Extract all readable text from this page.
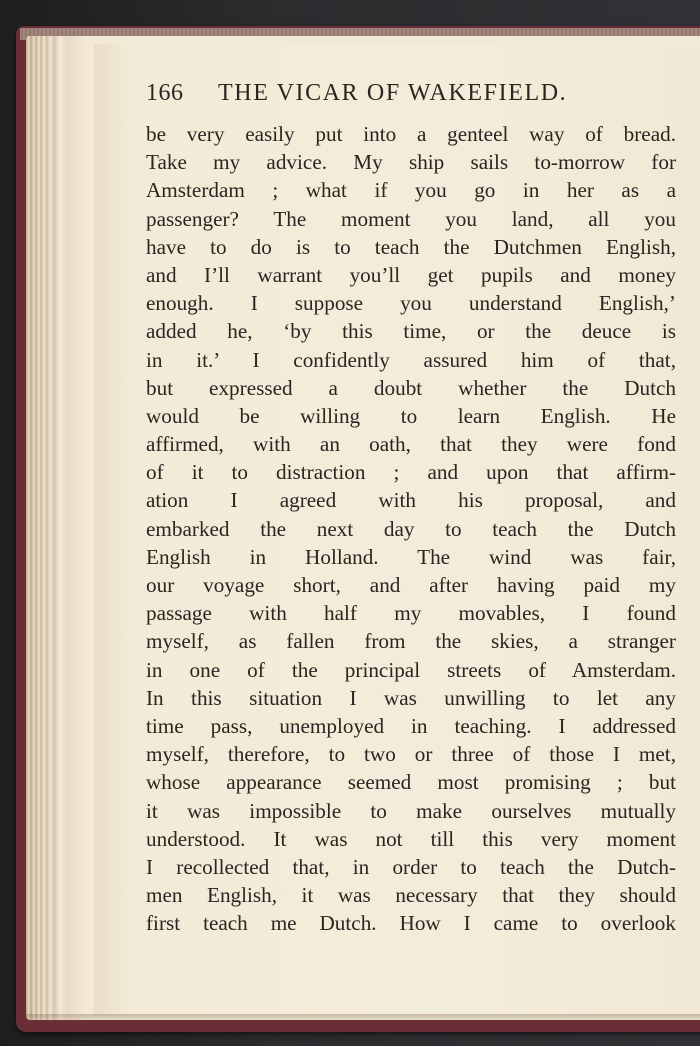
166 THE VICAR OF WAKEFIELD.
be very easily put into a genteel way of bread.
Take my advice. My ship sails to-morrow for
Amsterdam ; what if you go in her as a
passenger? The moment you land, all you
have to do is to teach the Dutchmen English,
and I’ll warrant you’ll get pupils and money
enough. I suppose you understand English,’
added he, ‘by this time, or the deuce is
in it.’ I confidently assured him of that,
but expressed a doubt whether the Dutch
would be willing to learn English. He
affirmed, with an oath, that they were fond
of it to distraction ; and upon that affirm-
ation I agreed with his proposal, and
embarked the next day to teach the Dutch
English in Holland. The wind was fair,
our voyage short, and after having paid my
passage with half my movables, I found
myself, as fallen from the skies, a stranger
in one of the principal streets of Amsterdam.
In this situation I was unwilling to let any
time pass, unemployed in teaching. I addressed
myself, therefore, to two or three of those I met,
whose appearance seemed most promising ; but
it was impossible to make ourselves mutually
understood. It was not till this very moment
I recollected that, in order to teach the Dutch-
men English, it was necessary that they should
first teach me Dutch. How I came to overlook
